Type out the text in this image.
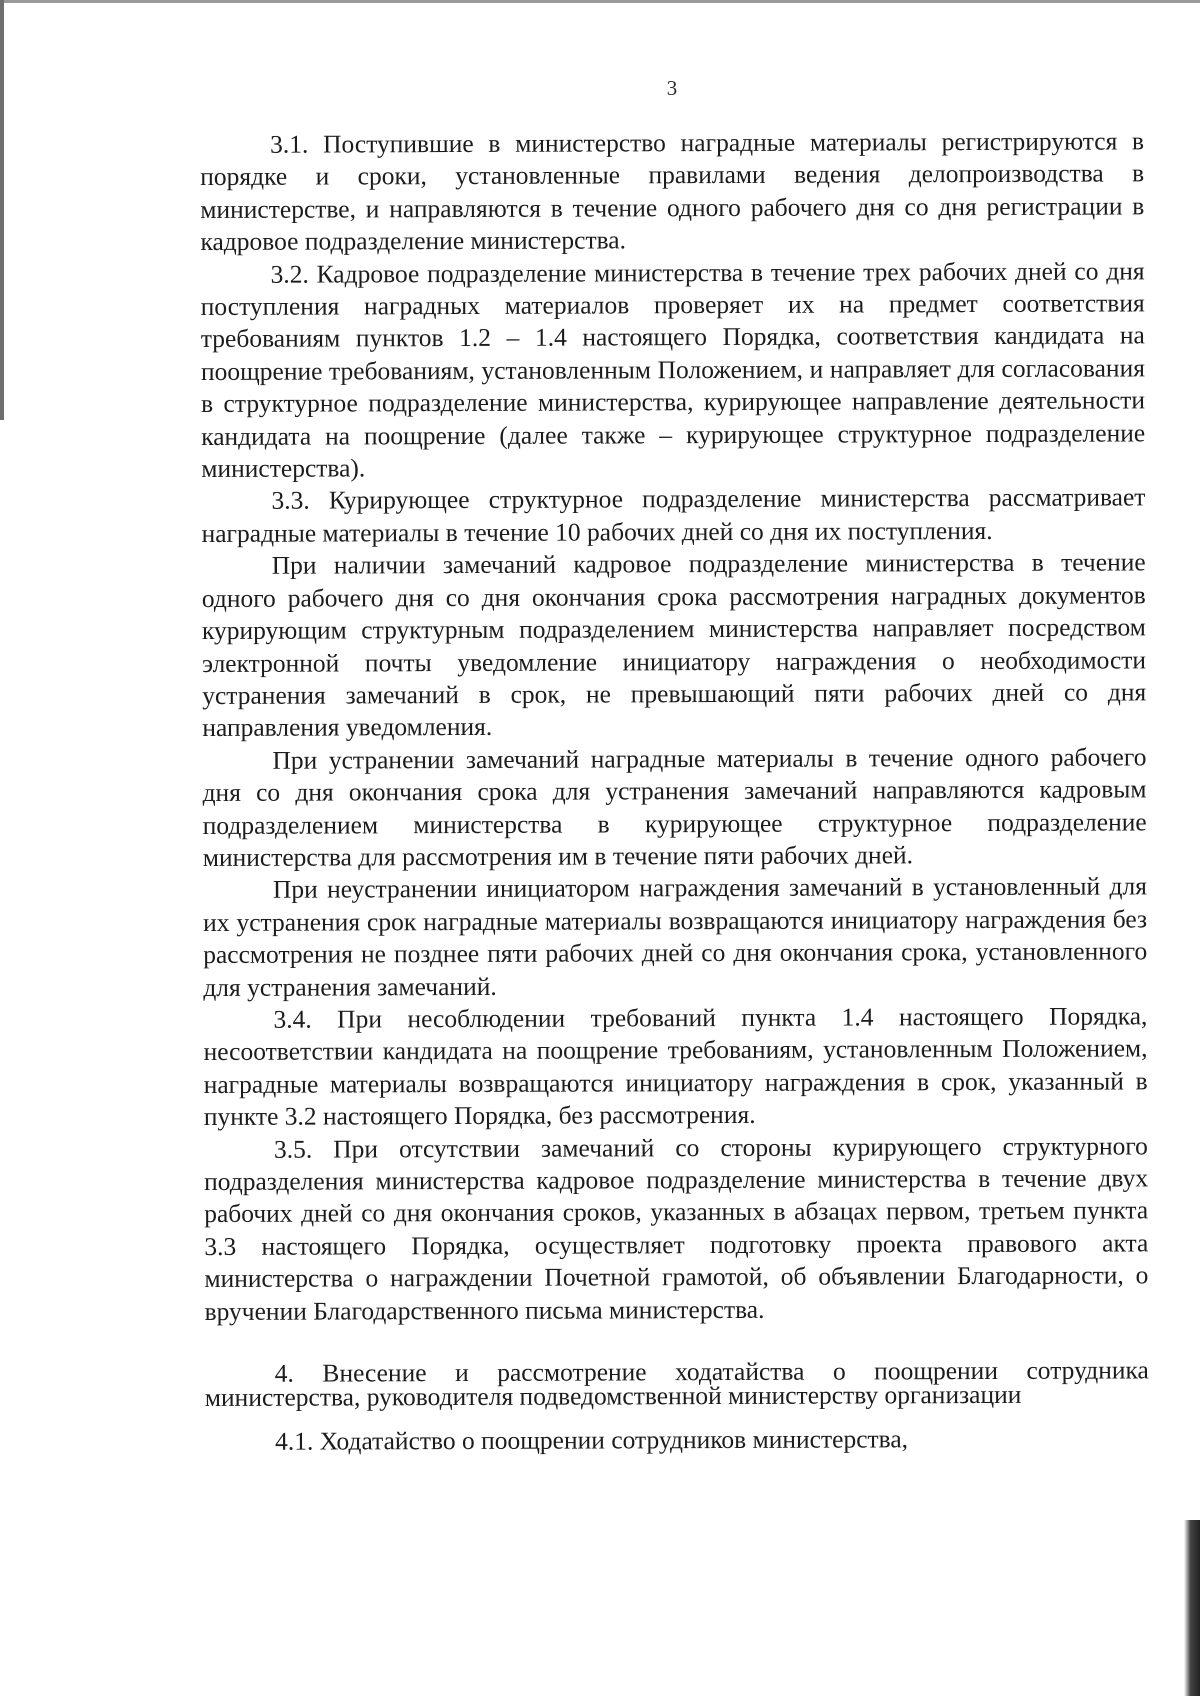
3

3.1. Поступившие в министерство наградные материалы регистрируются в порядке и сроки, установленные правилами ведения делопроизводства в министерстве, и направляются в течение одного рабочего дня со дня регистрации в кадровое подразделение министерства.

3.2. Кадровое подразделение министерства в течение трех рабочих дней со дня поступления наградных материалов проверяет их на предмет соответствия требованиям пунктов 1.2 – 1.4 настоящего Порядка, соответствия кандидата на поощрение требованиям, установленным Положением, и направляет для согласования в структурное подразделение министерства, курирующее направление деятельности кандидата на поощрение (далее также – курирующее структурное подразделение министерства).

3.3. Курирующее структурное подразделение министерства рассматривает наградные материалы в течение 10 рабочих дней со дня их поступления.

При наличии замечаний кадровое подразделение министерства в течение одного рабочего дня со дня окончания срока рассмотрения наградных документов курирующим структурным подразделением министерства направляет посредством электронной почты уведомление инициатору награждения о необходимости устранения замечаний в срок, не превышающий пяти рабочих дней со дня направления уведомления.

При устранении замечаний наградные материалы в течение одного рабочего дня со дня окончания срока для устранения замечаний направляются кадровым подразделением министерства в курирующее структурное подразделение министерства для рассмотрения им в течение пяти рабочих дней.

При неустранении инициатором награждения замечаний в установленный для их устранения срок наградные материалы возвращаются инициатору награждения без рассмотрения не позднее пяти рабочих дней со дня окончания срока, установленного для устранения замечаний.

3.4. При несоблюдении требований пункта 1.4 настоящего Порядка, несоответствии кандидата на поощрение требованиям, установленным Положением, наградные материалы возвращаются инициатору награждения в срок, указанный в пункте 3.2 настоящего Порядка, без рассмотрения.

3.5. При отсутствии замечаний со стороны курирующего структурного подразделения министерства кадровое подразделение министерства в течение двух рабочих дней со дня окончания сроков, указанных в абзацах первом, третьем пункта 3.3 настоящего Порядка, осуществляет подготовку проекта правового акта министерства о награждении Почетной грамотой, об объявлении Благодарности, о вручении Благодарственного письма министерства.

4. Внесение и рассмотрение ходатайства о поощрении сотрудника министерства, руководителя подведомственной министерству организации

4.1. Ходатайство о поощрении сотрудников министерства,
